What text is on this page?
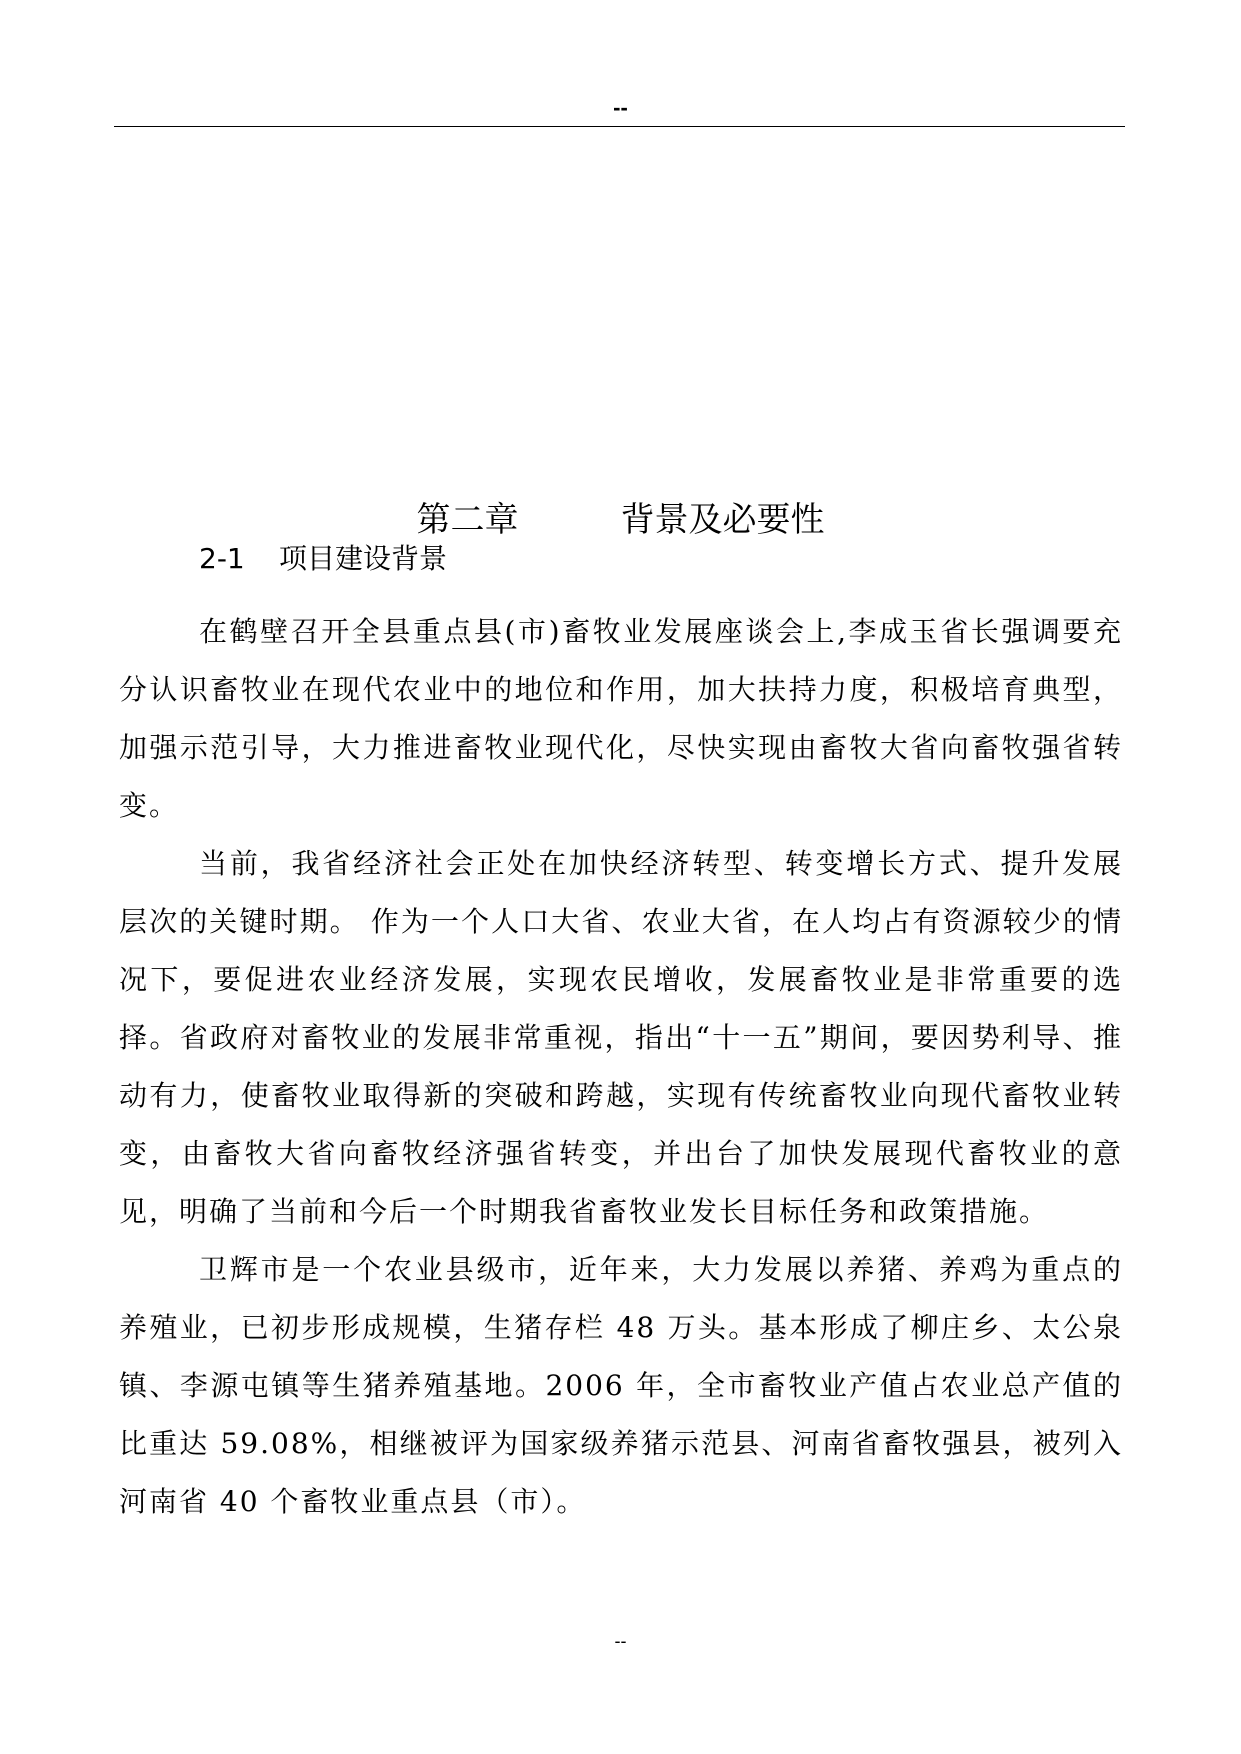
--
第二章　　　背景及必要性
2-1 项目建设背景

在鹤壁召开全县重点县(市)畜牧业发展座谈会上,李成玉省长强调要充分认识畜牧业在现代农业中的地位和作用，加大扶持力度，积极培育典型，加强示范引导，大力推进畜牧业现代化，尽快实现由畜牧大省向畜牧强省转变。

当前，我省经济社会正处在加快经济转型、转变增长方式、提升发展层次的关键时期。 作为一个人口大省、农业大省，在人均占有资源较少的情况下，要促进农业经济发展，实现农民增收，发展畜牧业是非常重要的选择。省政府对畜牧业的发展非常重视，指出“十一五”期间，要因势利导、推动有力，使畜牧业取得新的突破和跨越，实现有传统畜牧业向现代畜牧业转变，由畜牧大省向畜牧经济强省转变，并出台了加快发展现代畜牧业的意见，明确了当前和今后一个时期我省畜牧业发长目标任务和政策措施。

卫辉市是一个农业县级市，近年来，大力发展以养猪、养鸡为重点的养殖业，已初步形成规模，生猪存栏 48 万头。基本形成了柳庄乡、太公泉镇、李源屯镇等生猪养殖基地。2006 年，全市畜牧业产值占农业总产值的比重达 59.08%，相继被评为国家级养猪示范县、河南省畜牧强县，被列入河南省 40 个畜牧业重点县（市）。

--
